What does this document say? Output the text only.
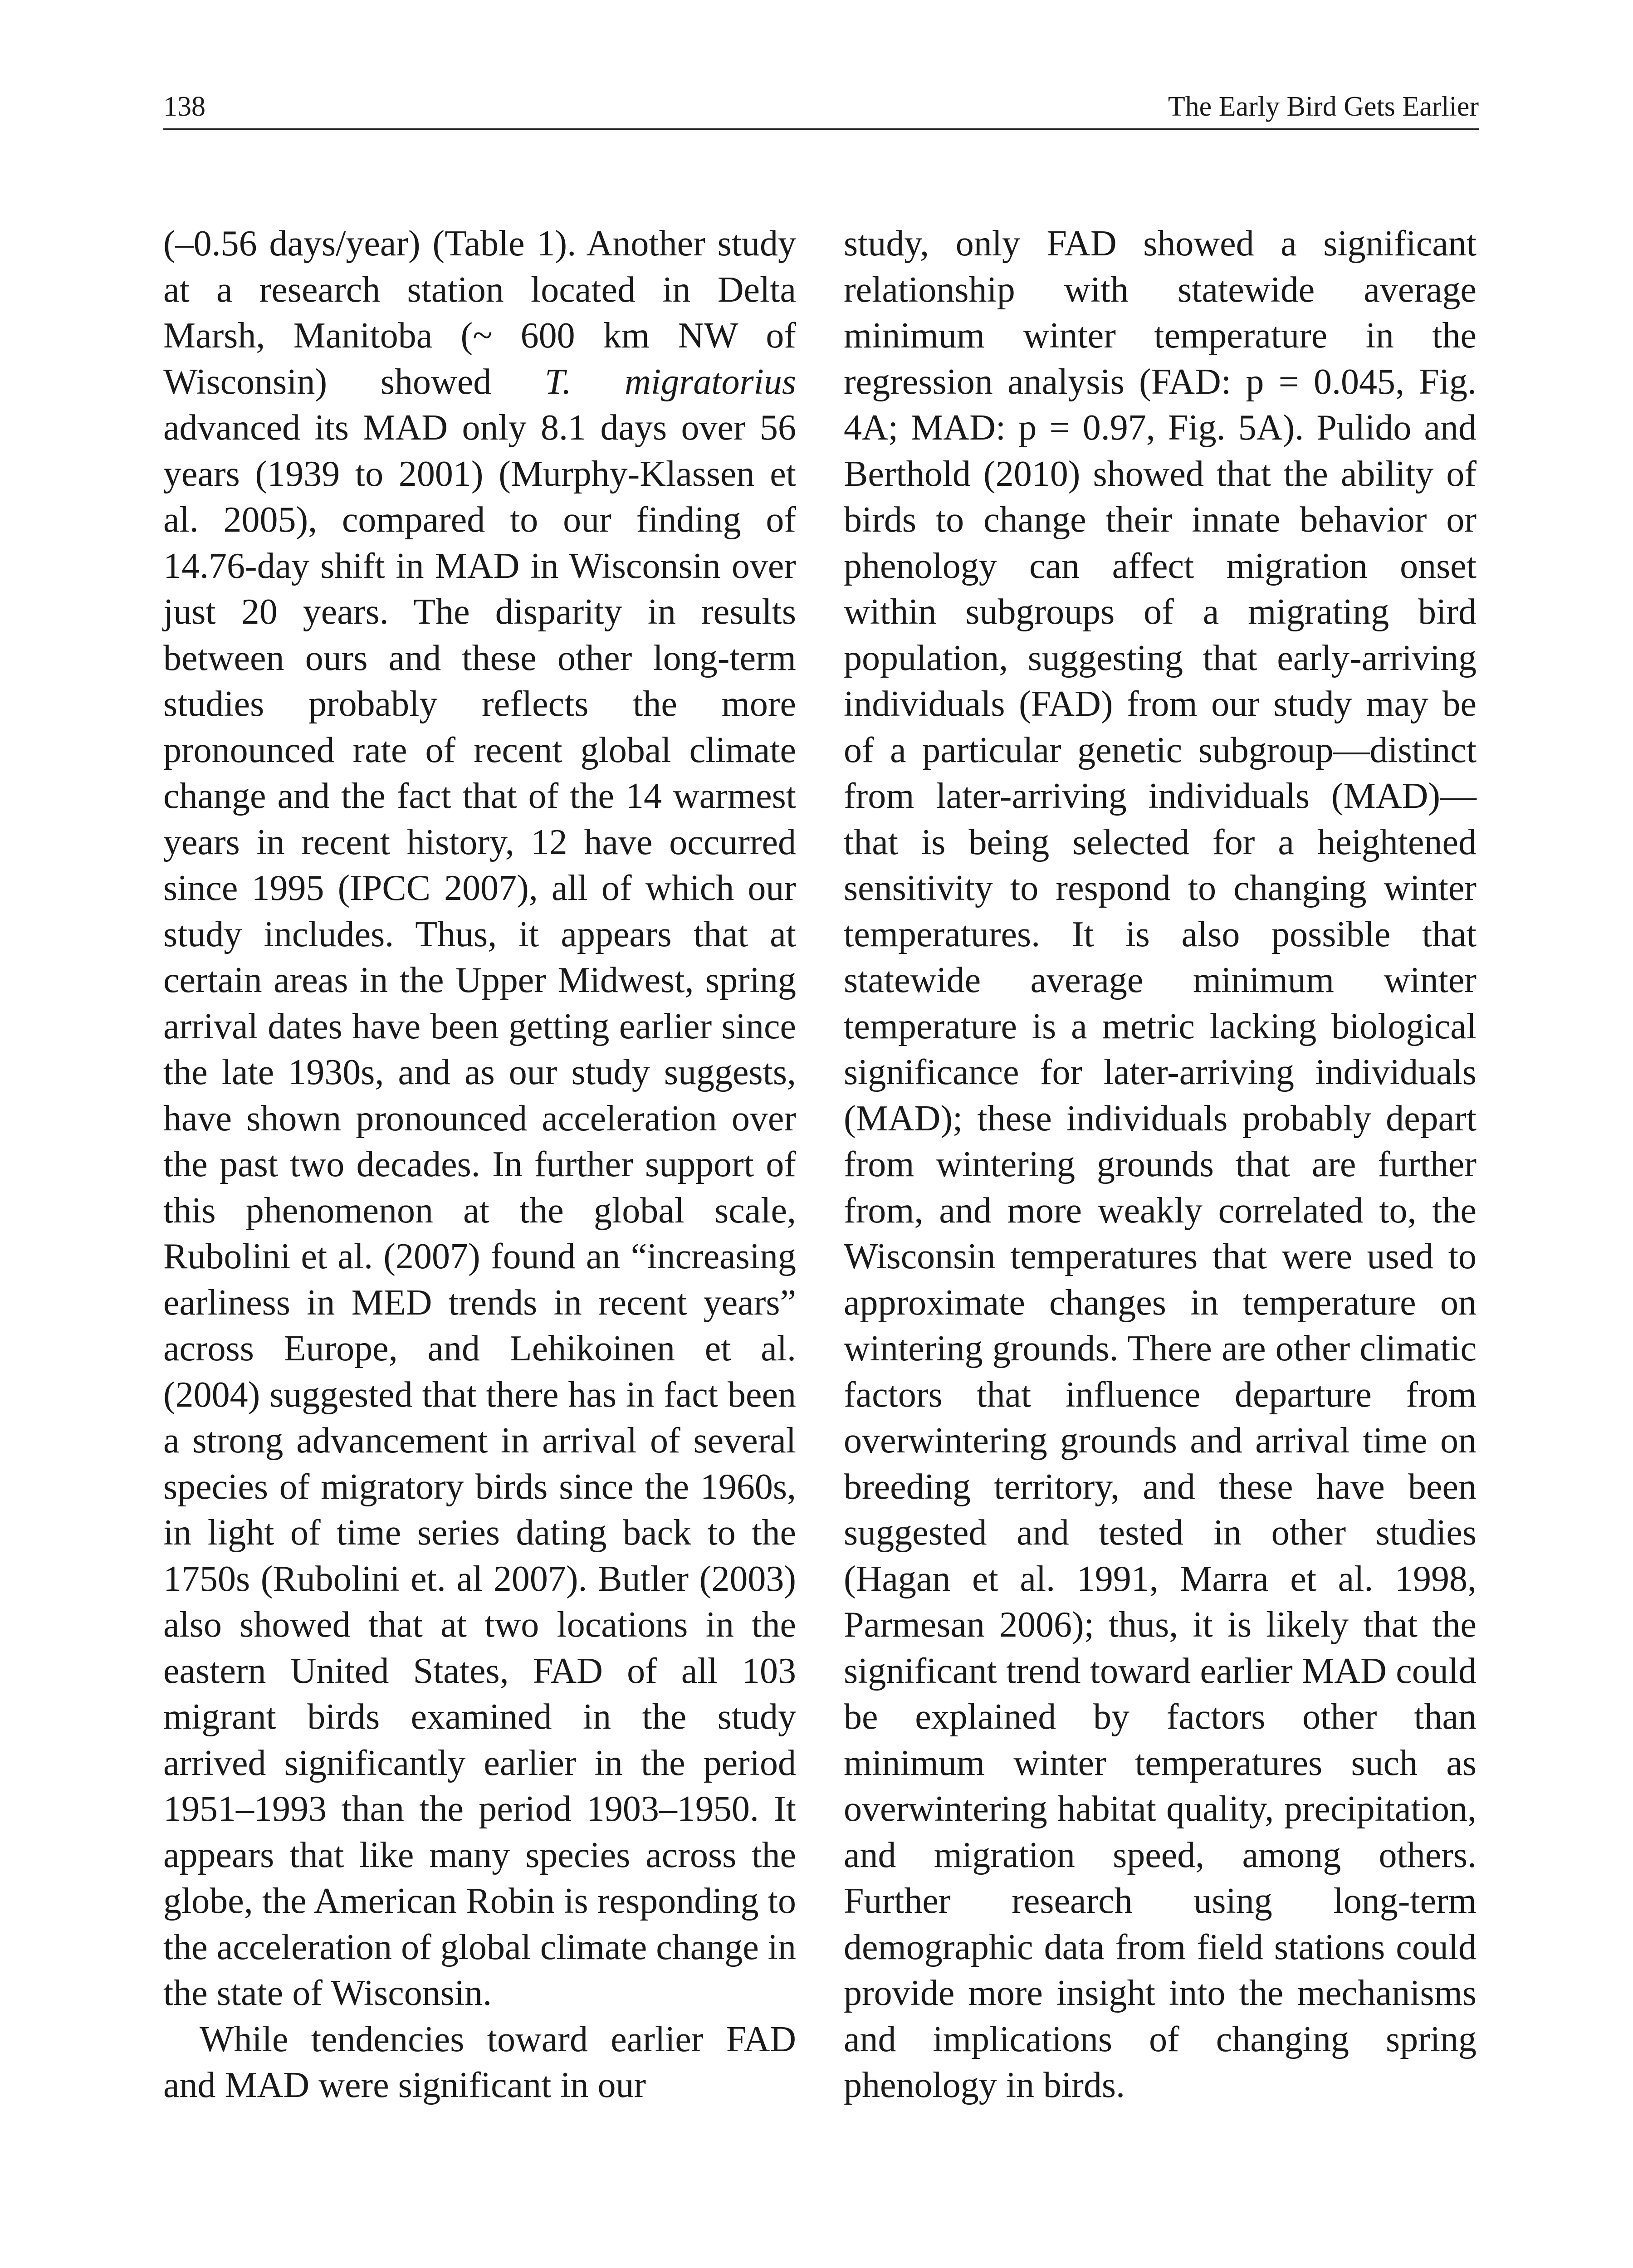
138	The Early Bird Gets Earlier

(–0.56 days/year) (Table 1). Another study at a research station located in Delta Marsh, Manitoba (~ 600 km NW of Wisconsin) showed T. migratorius advanced its MAD only 8.1 days over 56 years (1939 to 2001) (Murphy-Klassen et al. 2005), compared to our finding of 14.76-day shift in MAD in Wisconsin over just 20 years. The disparity in results between ours and these other long-term studies probably reflects the more pronounced rate of recent global climate change and the fact that of the 14 warmest years in recent history, 12 have occurred since 1995 (IPCC 2007), all of which our study includes. Thus, it appears that at certain areas in the Upper Midwest, spring arrival dates have been getting earlier since the late 1930s, and as our study suggests, have shown pronounced acceleration over the past two decades. In further support of this phenomenon at the global scale, Rubolini et al. (2007) found an “increasing earliness in MED trends in recent years” across Europe, and Lehikoinen et al. (2004) suggested that there has in fact been a strong advancement in arrival of several species of migratory birds since the 1960s, in light of time series dating back to the 1750s (Rubolini et. al 2007). Butler (2003) also showed that at two locations in the eastern United States, FAD of all 103 migrant birds examined in the study arrived significantly earlier in the period 1951–1993 than the period 1903–1950. It appears that like many species across the globe, the American Robin is responding to the acceleration of global climate change in the state of Wisconsin.

While tendencies toward earlier FAD and MAD were significant in our

study, only FAD showed a significant relationship with statewide average minimum winter temperature in the regression analysis (FAD: p = 0.045, Fig. 4A; MAD: p = 0.97, Fig. 5A). Pulido and Berthold (2010) showed that the ability of birds to change their innate behavior or phenology can affect migration onset within subgroups of a migrating bird population, suggesting that early-arriving individuals (FAD) from our study may be of a particular genetic subgroup—distinct from later-arriving individuals (MAD)—that is being selected for a heightened sensitivity to respond to changing winter temperatures. It is also possible that statewide average minimum winter temperature is a metric lacking biological significance for later-arriving individuals (MAD); these individuals probably depart from wintering grounds that are further from, and more weakly correlated to, the Wisconsin temperatures that were used to approximate changes in temperature on wintering grounds. There are other climatic factors that influence departure from overwintering grounds and arrival time on breeding territory, and these have been suggested and tested in other studies (Hagan et al. 1991, Marra et al. 1998, Parmesan 2006); thus, it is likely that the significant trend toward earlier MAD could be explained by factors other than minimum winter temperatures such as overwintering habitat quality, precipitation, and migration speed, among others. Further research using long-term demographic data from field stations could provide more insight into the mechanisms and implications of changing spring phenology in birds.
